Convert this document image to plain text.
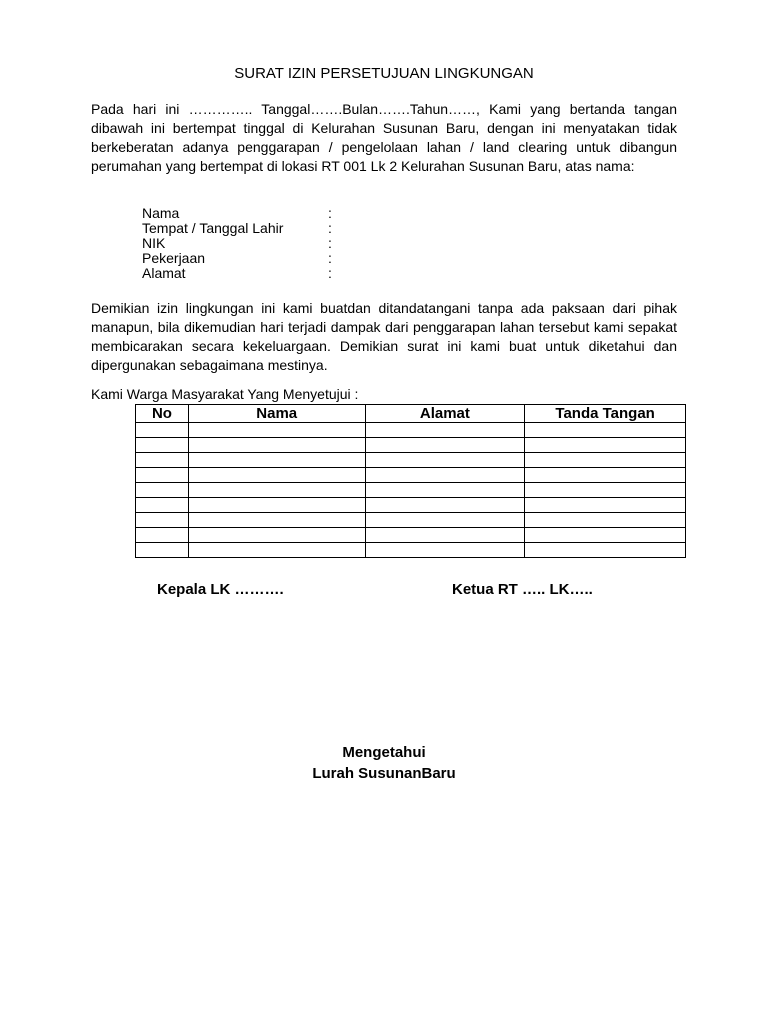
SURAT IZIN PERSETUJUAN LINGKUNGAN
Pada hari ini ………….. Tanggal…….Bulan…….Tahun……, Kami yang bertanda tangan dibawah ini bertempat tinggal di Kelurahan Susunan Baru, dengan ini menyatakan tidak berkeberatan adanya penggarapan / pengelolaan lahan / land clearing untuk dibangun perumahan yang bertempat di lokasi RT 001 Lk 2 Kelurahan Susunan Baru, atas nama:
Nama	:
Tempat / Tanggal Lahir	:
NIK	:
Pekerjaan	:
Alamat	:
Demikian izin lingkungan ini kami buatdan ditandatangani tanpa ada paksaan dari pihak manapun, bila dikemudian hari terjadi dampak dari penggarapan lahan tersebut kami sepakat membicarakan secara kekeluargaan. Demikian surat ini kami buat untuk diketahui dan dipergunakan sebagaimana mestinya.
Kami Warga Masyarakat Yang Menyetujui :
No	Nama	Alamat	Tanda Tangan

Kepala LK ……….	Ketua RT ….. LK…..
Mengetahui
Lurah SusunanBaru
